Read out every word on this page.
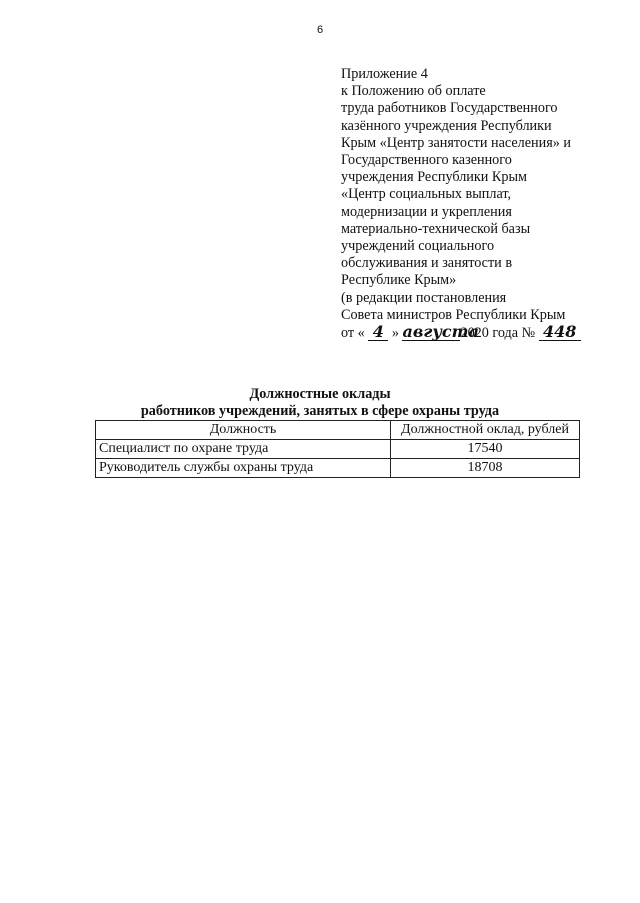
6
Приложение 4
к Положению об оплате
труда работников Государственного
казённого учреждения Республики
Крым «Центр занятости населения» и
Государственного казенного
учреждения Республики Крым
«Центр социальных выплат,
модернизации и укрепления
материально-технической базы
учреждений социального
обслуживания и занятости в
Республике Крым»
(в редакции постановления
Совета министров Республики Крым
от « 4 » августа2020 года № 448
Должностные оклады
работников учреждений, занятых в сфере охраны труда
Должность	Должностной оклад, рублей
Специалист по охране труда	17540
Руководитель службы охраны труда	18708
